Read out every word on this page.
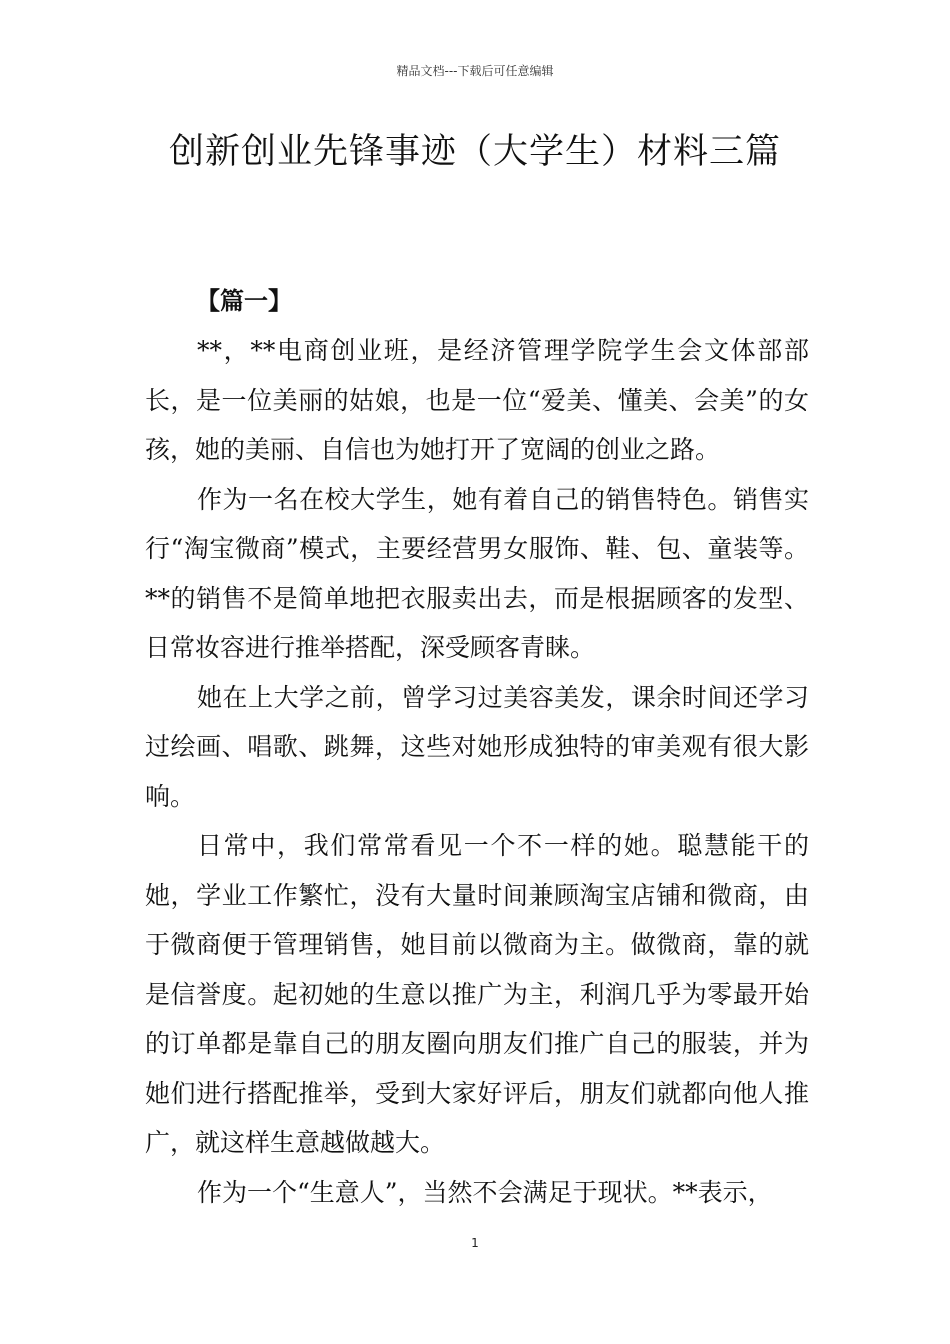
精品文档---下载后可任意编辑
创新创业先锋事迹（大学生）材料三篇
【篇一】

**，**电商创业班，是经济管理学院学生会文体部部长，是一位美丽的姑娘，也是一位“爱美、懂美、会美”的女孩，她的美丽、自信也为她打开了宽阔的创业之路。

作为一名在校大学生，她有着自己的销售特色。销售实行“淘宝微商”模式，主要经营男女服饰、鞋、包、童装等。**的销售不是简单地把衣服卖出去，而是根据顾客的发型、日常妆容进行推举搭配，深受顾客青睐。

她在上大学之前，曾学习过美容美发，课余时间还学习过绘画、唱歌、跳舞，这些对她形成独特的审美观有很大影响。

日常中，我们常常看见一个不一样的她。聪慧能干的她，学业工作繁忙，没有大量时间兼顾淘宝店铺和微商，由于微商便于管理销售，她目前以微商为主。做微商，靠的就是信誉度。起初她的生意以推广为主，利润几乎为零最开始的订单都是靠自己的朋友圈向朋友们推广自己的服装，并为她们进行搭配推举，受到大家好评后，朋友们就都向他人推广，就这样生意越做越大。

作为一个“生意人”，当然不会满足于现状。**表示，

1
